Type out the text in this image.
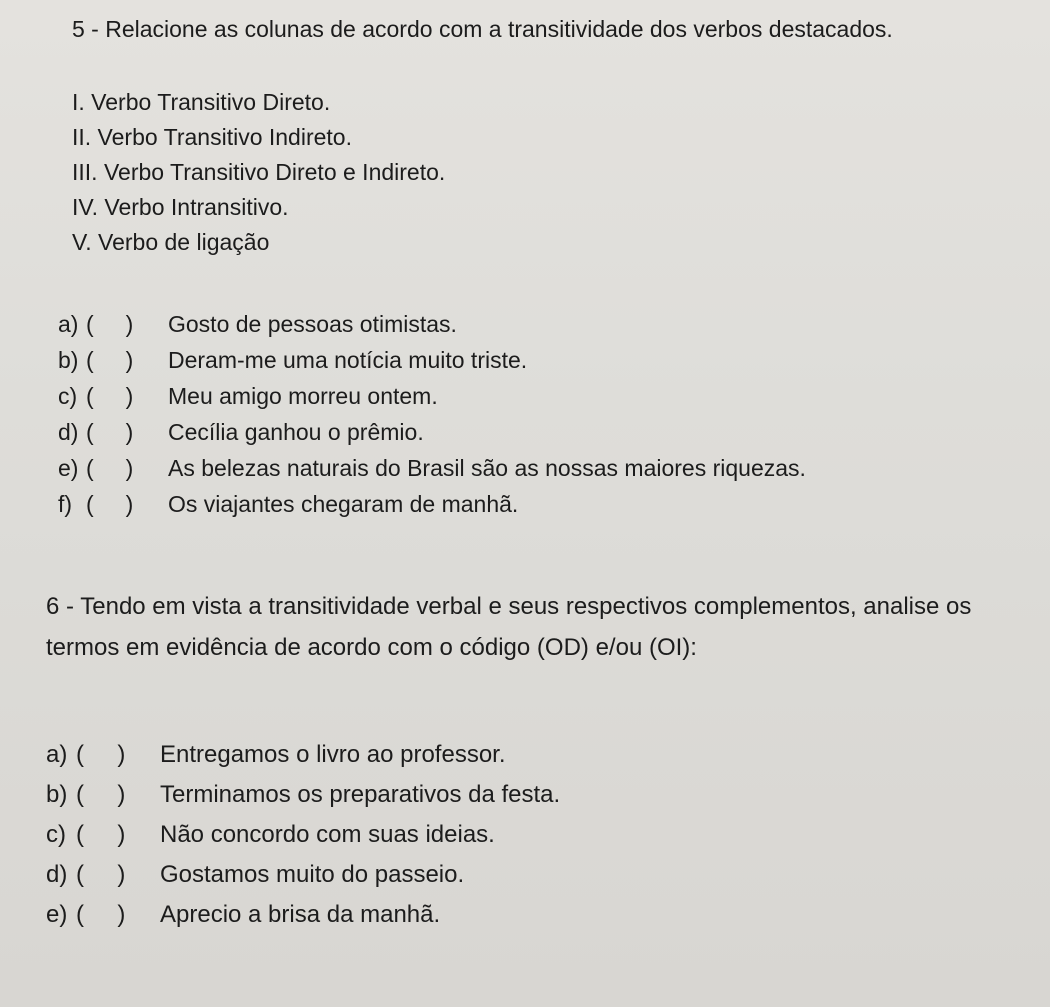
5 - Relacione as colunas de acordo com a transitividade dos verbos destacados.

I. Verbo Transitivo Direto.
II. Verbo Transitivo Indireto.
III. Verbo Transitivo Direto e Indireto.
IV. Verbo Intransitivo.
V. Verbo de ligação
a) (     ) Gosto de pessoas otimistas.
b) (     ) Deram-me uma notícia muito triste.
c) (     ) Meu amigo morreu ontem.
d) (     ) Cecília ganhou o prêmio.
e) (     ) As belezas naturais do Brasil são as nossas maiores riquezas.
f) (     ) Os viajantes chegaram de manhã.

6 - Tendo em vista a transitividade verbal e seus respectivos complementos, analise os termos em evidência de acordo com o código (OD) e/ou (OI):

a) (     ) Entregamos o livro ao professor.
b) (     ) Terminamos os preparativos da festa.
c) (     ) Não concordo com suas ideias.
d) (     ) Gostamos muito do passeio.
e) (     ) Aprecio a brisa da manhã.
